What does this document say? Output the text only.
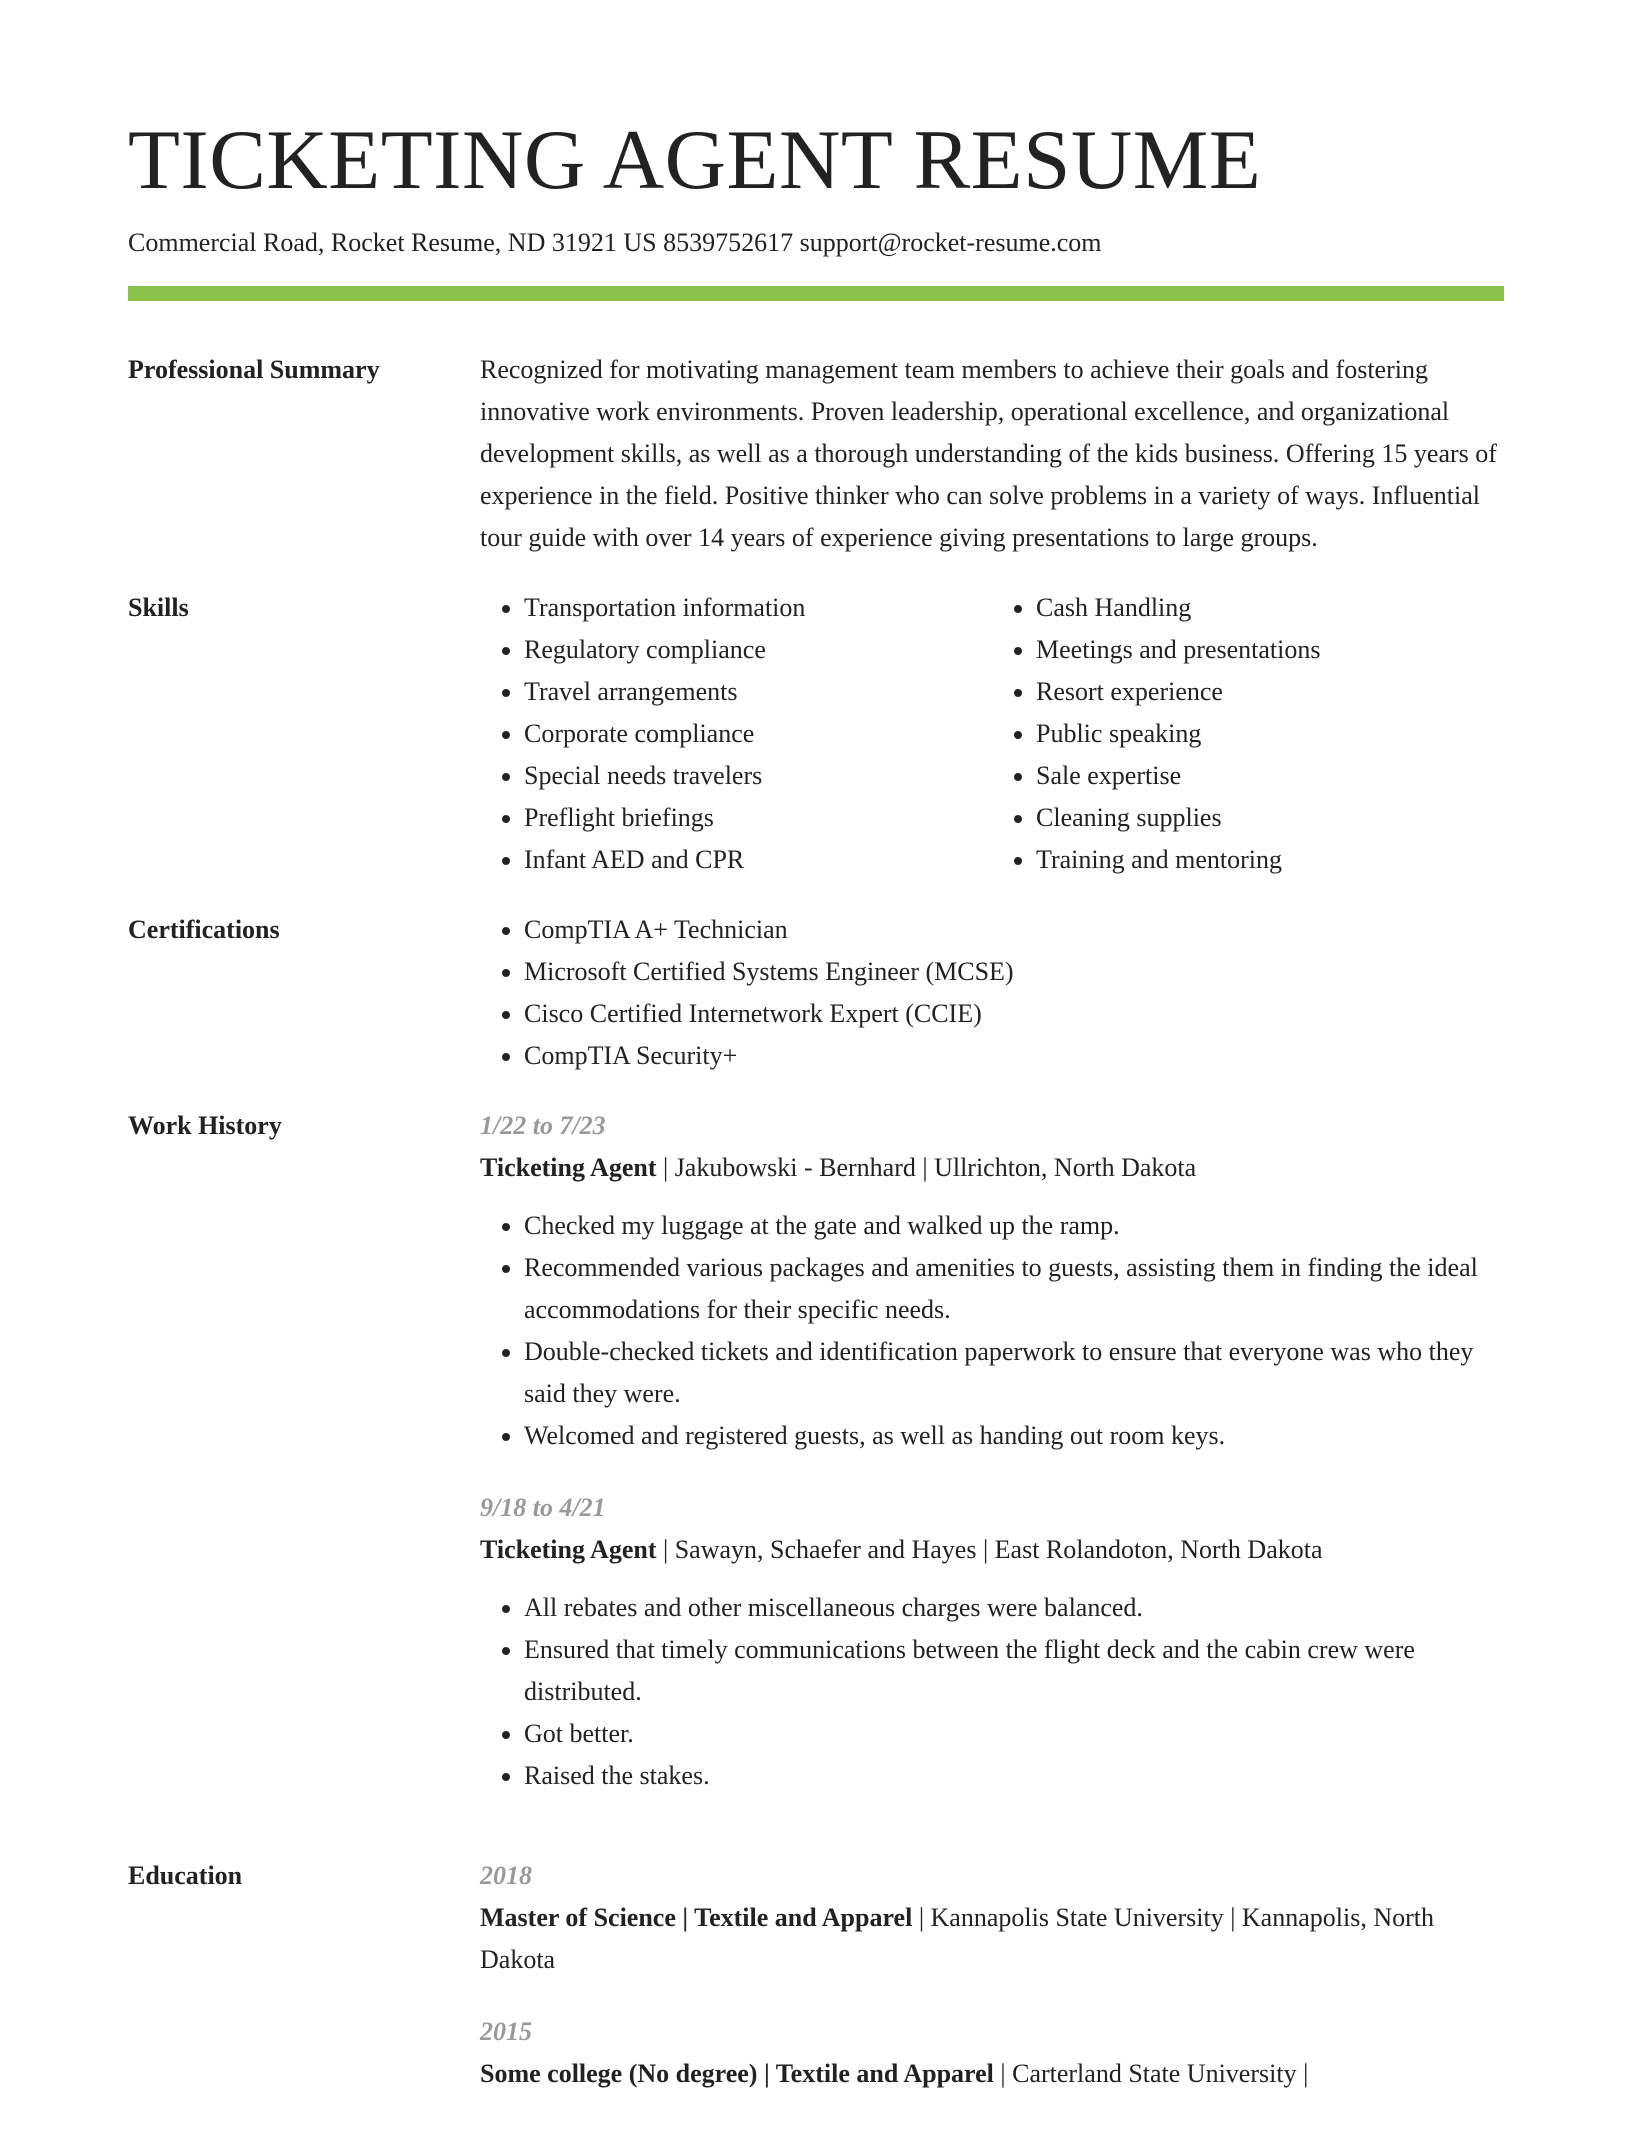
TICKETING AGENT RESUME
Commercial Road, Rocket Resume, ND 31921 US 8539752617 support@rocket-resume.com
Professional Summary	Recognized for motivating management team members to achieve their goals and fostering innovative work environments. Proven leadership, operational excellence, and organizational development skills, as well as a thorough understanding of the kids business. Offering 15 years of experience in the field. Positive thinker who can solve problems in a variety of ways. Influential tour guide with over 14 years of experience giving presentations to large groups.

Skills	• Transportation information
• Regulatory compliance
• Travel arrangements
• Corporate compliance
• Special needs travelers
• Preflight briefings
• Infant AED and CPR
• Cash Handling
• Meetings and presentations
• Resort experience
• Public speaking
• Sale expertise
• Cleaning supplies
• Training and mentoring
Certifications	• CompTIA A+ Technician
• Microsoft Certified Systems Engineer (MCSE)
• Cisco Certified Internetwork Expert (CCIE)
• CompTIA Security+
Work History	1/22 to 7/23
Ticketing Agent | Jakubowski - Bernhard | Ullrichton, North Dakota
• Checked my luggage at the gate and walked up the ramp.
• Recommended various packages and amenities to guests, assisting them in finding the ideal accommodations for their specific needs.
• Double-checked tickets and identification paperwork to ensure that everyone was who they said they were.
• Welcomed and registered guests, as well as handing out room keys.
9/18 to 4/21
Ticketing Agent | Sawayn, Schaefer and Hayes | East Rolandoton, North Dakota
• All rebates and other miscellaneous charges were balanced.
• Ensured that timely communications between the flight deck and the cabin crew were distributed.
• Got better.
• Raised the stakes.
Education	2018
Master of Science | Textile and Apparel | Kannapolis State University | Kannapolis, North Dakota
2015
Some college (No degree) | Textile and Apparel | Carterland State University |
